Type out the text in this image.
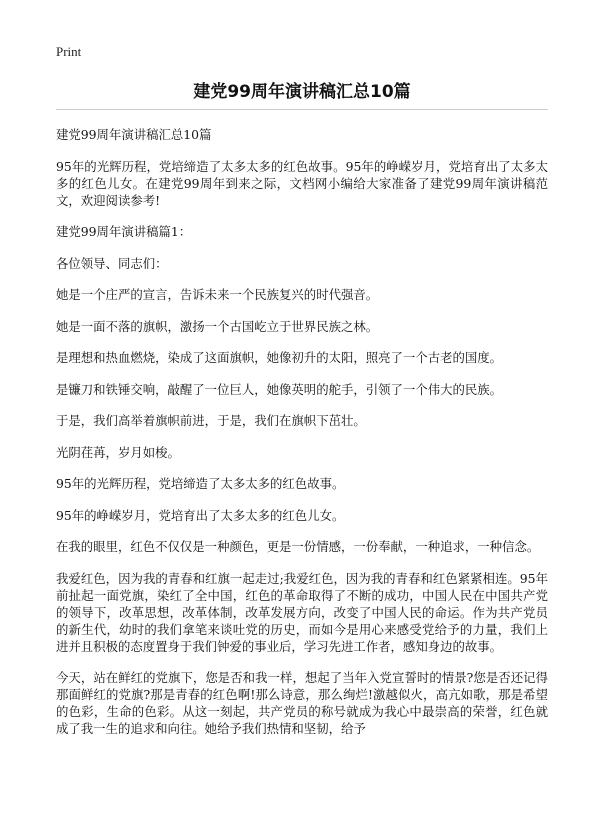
Print

建党99周年演讲稿汇总10篇

建党99周年演讲稿汇总10篇

95年的光辉历程，党培缔造了太多太多的红色故事。95年的峥嵘岁月，党培育出了太多太多的红色儿女。在建党99周年到来之际，文档网小编给大家准备了建党99周年演讲稿范文，欢迎阅读参考!

建党99周年演讲稿篇1：

各位领导、同志们：

她是一个庄严的宣言，告诉未来一个民族复兴的时代强音。

她是一面不落的旗帜，激扬一个古国屹立于世界民族之林。

是理想和热血燃烧，染成了这面旗帜，她像初升的太阳，照亮了一个古老的国度。

是镰刀和铁锤交响，敲醒了一位巨人，她像英明的舵手，引领了一个伟大的民族。

于是，我们高举着旗帜前进，于是，我们在旗帜下茁壮。

光阴荏苒，岁月如梭。

95年的光辉历程，党培缔造了太多太多的红色故事。

95年的峥嵘岁月，党培育出了太多太多的红色儿女。

在我的眼里，红色不仅仅是一种颜色，更是一份情感，一份奉献，一种追求，一种信念。

我爱红色，因为我的青春和红旗一起走过;我爱红色，因为我的青春和红色紧紧相连。95年前扯起一面党旗，染红了全中国，红色的革命取得了不断的成功，中国人民在中国共产党的领导下，改革思想，改革体制，改革发展方向，改变了中国人民的命运。作为共产党员的新生代，幼时的我们拿笔来谈吐党的历史，而如今是用心来感受党给予的力量，我们上进并且积极的态度置身于我们钟爱的事业后，学习先进工作者，感知身边的故事。

今天，站在鲜红的党旗下，您是否和我一样，想起了当年入党宣誓时的情景?您是否还记得那面鲜红的党旗?那是青春的红色啊!那么诗意，那么绚烂!激越似火，高亢如歌，那是希望的色彩，生命的色彩。从这一刻起，共产党员的称号就成为我心中最崇高的荣誉，红色就成了我一生的追求和向往。她给予我们热情和坚韧，给予
